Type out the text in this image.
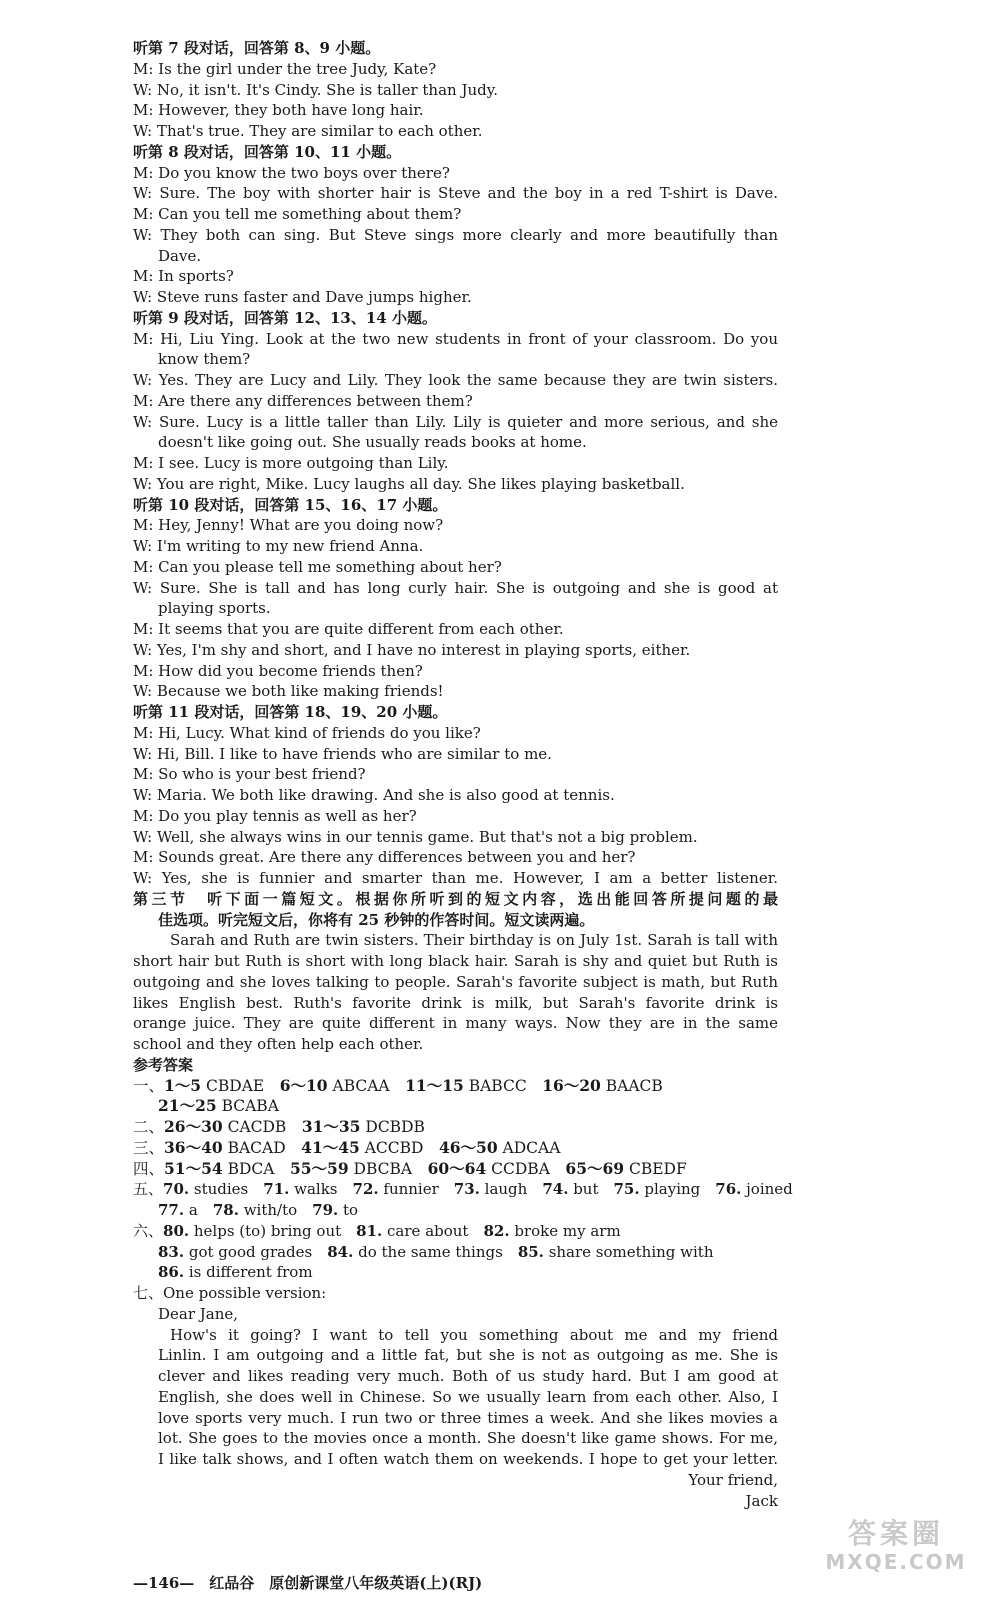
听第 7 段对话，回答第 8、9 小题。
M: Is the girl under the tree Judy, Kate?
W: No, it isn't. It's Cindy. She is taller than Judy.
M: However, they both have long hair.
W: That's true. They are similar to each other.
听第 8 段对话，回答第 10、11 小题。
M: Do you know the two boys over there?
W: Sure. The boy with shorter hair is Steve and the boy in a red T-shirt is Dave.
M: Can you tell me something about them?
W: They both can sing. But Steve sings more clearly and more beautifully than
Dave.
M: In sports?
W: Steve runs faster and Dave jumps higher.
听第 9 段对话，回答第 12、13、14 小题。
M: Hi, Liu Ying. Look at the two new students in front of your classroom. Do you
know them?
W: Yes. They are Lucy and Lily. They look the same because they are twin sisters.
M: Are there any differences between them?
W: Sure. Lucy is a little taller than Lily. Lily is quieter and more serious, and she
doesn't like going out. She usually reads books at home.
M: I see. Lucy is more outgoing than Lily.
W: You are right, Mike. Lucy laughs all day. She likes playing basketball.
听第 10 段对话，回答第 15、16、17 小题。
M: Hey, Jenny! What are you doing now?
W: I'm writing to my new friend Anna.
M: Can you please tell me something about her?
W: Sure. She is tall and has long curly hair. She is outgoing and she is good at
playing sports.
M: It seems that you are quite different from each other.
W: Yes, I'm shy and short, and I have no interest in playing sports, either.
M: How did you become friends then?
W: Because we both like making friends!
听第 11 段对话，回答第 18、19、20 小题。
M: Hi, Lucy. What kind of friends do you like?
W: Hi, Bill. I like to have friends who are similar to me.
M: So who is your best friend?
W: Maria. We both like drawing. And she is also good at tennis.
M: Do you play tennis as well as her?
W: Well, she always wins in our tennis game. But that's not a big problem.
M: Sounds great. Are there any differences between you and her?
W: Yes, she is funnier and smarter than me. However, I am a better listener.
第三节　听下面一篇短文。根据你所听到的短文内容，选出能回答所提问题的最
佳选项。听完短文后，你将有 25 秒钟的作答时间。短文读两遍。
Sarah and Ruth are twin sisters. Their birthday is on July 1st. Sarah is tall with
short hair but Ruth is short with long black hair. Sarah is shy and quiet but Ruth is
outgoing and she loves talking to people. Sarah's favorite subject is math, but Ruth
likes English best. Ruth's favorite drink is milk, but Sarah's favorite drink is
orange juice. They are quite different in many ways. Now they are in the same
school and they often help each other.
参考答案
一、1～5 CBDAE　6～10 ABCAA　11～15 BABCC　16～20 BAACB
21～25 BCABA
二、26～30 CACDB　31～35 DCBDB
三、36～40 BACAD　41～45 ACCBD　46～50 ADCAA
四、51～54 BDCA　55～59 DBCBA　60～64 CCDBA　65～69 CBEDF
五、70. studies　71. walks　72. funnier　73. laugh　74. but　75. playing　76. joined
77. a　78. with/to　79. to
六、80. helps (to) bring out　81. care about　82. broke my arm
83. got good grades　84. do the same things　85. share something with
86. is different from
七、One possible version:
Dear Jane,
How's it going? I want to tell you something about me and my friend
Linlin. I am outgoing and a little fat, but she is not as outgoing as me. She is
clever and likes reading very much. Both of us study hard. But I am good at
English, she does well in Chinese. So we usually learn from each other. Also, I
love sports very much. I run two or three times a week. And she likes movies a
lot. She goes to the movies once a month. She doesn't like game shows. For me,
I like talk shows, and I often watch them on weekends. I hope to get your letter.
Your friend,
Jack
—146—　红品谷　原创新课堂八年级英语(上)(RJ)
答案圈
MXQE.COM
